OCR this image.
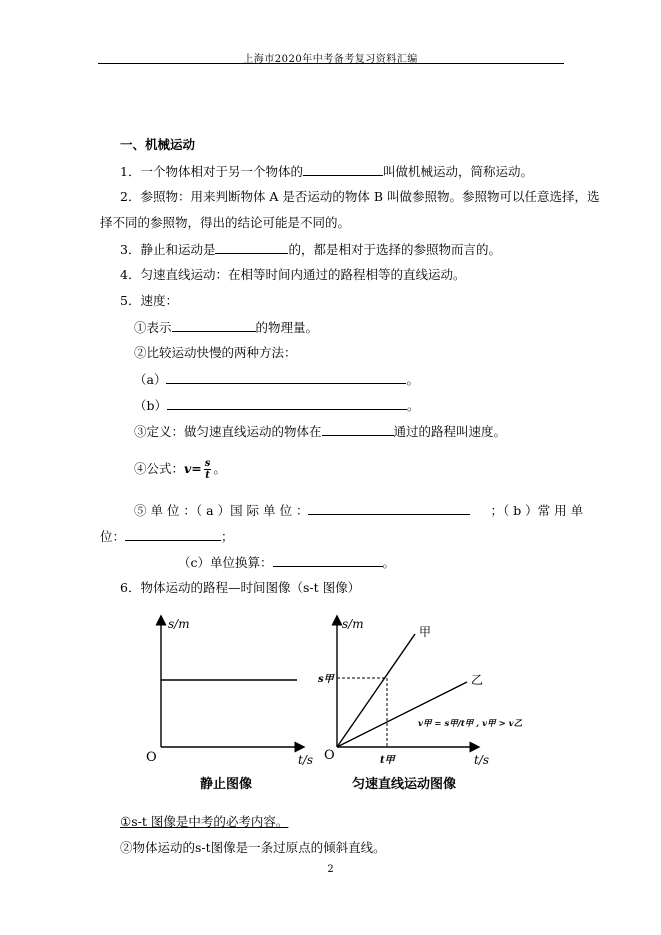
上海市2020年中考备考复习资料汇编
一、机械运动
1．一个物体相对于另一个物体的	叫做机械运动，简称运动。
2．参照物：用来判断物体 A 是否运动的物体 B 叫做参照物。参照物可以任意选择，选
择不同的参照物，得出的结论可能是不同的。
3．静止和运动是	的，都是相对于选择的参照物而言的。
4．匀速直线运动：在相等时间内通过的路程相等的直线运动。
5．速度：
①表示	的物理量。
②比较运动快慢的两种方法：
（a）	。
（b）	。
③定义：做匀速直线运动的物体在	通过的路程叫速度。
④公式：$v= \frac{s}{t}$ 。
⑤ 单 位 ：（ a ）国 际 单 位 ：	；（ b ）常 用 单
位：	；
（c）单位换算：	。
6．物体运动的路程—时间图像（s-t 图像）
s/m
t/s
O
静止图像
s/m
t/s
O
甲
乙
s甲
t甲
v甲 = s甲/t甲 , v甲 > v乙
匀速直线运动图像
①s-t 图像是中考的必考内容。
②物体运动的s-t图像是一条过原点的倾斜直线。
2
